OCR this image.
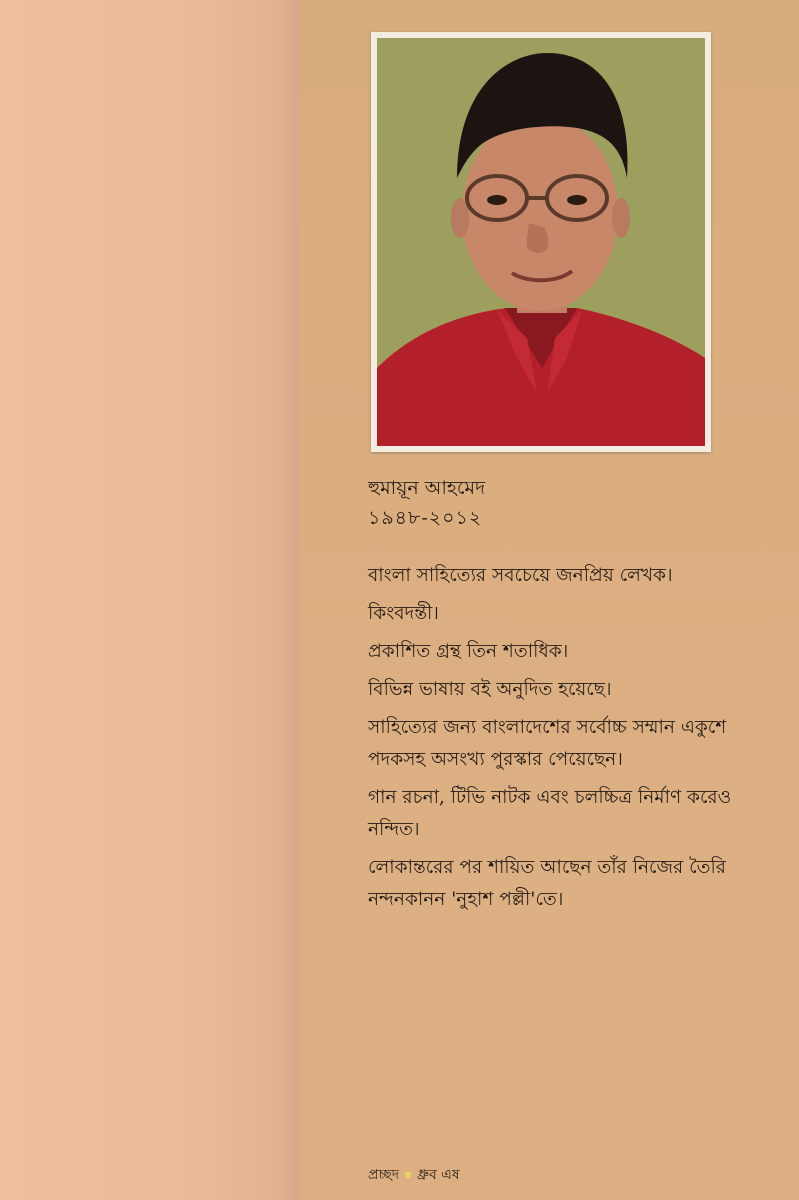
হুমায়ূন আহমেদ
১৯৪৮-২০১২

বাংলা সাহিত্যের সবচেয়ে জনপ্রিয় লেখক।

কিংবদন্তী।

প্রকাশিত গ্রন্থ তিন শতাধিক।

বিভিন্ন ভাষায় বই অনুদিত হয়েছে।

সাহিত্যের জন্য বাংলাদেশের সর্বোচ্চ সম্মান একুশে পদকসহ অসংখ্য পুরস্কার পেয়েছেন।

গান রচনা, টিভি নাটক এবং চলচ্চিত্র নির্মাণ করেও নন্দিত।

লোকান্তরের পর শায়িত আছেন তাঁর নিজের তৈরি নন্দনকানন 'নুহাশ পল্লী'তে।

প্রচ্ছদ ধ্রুব এষ
